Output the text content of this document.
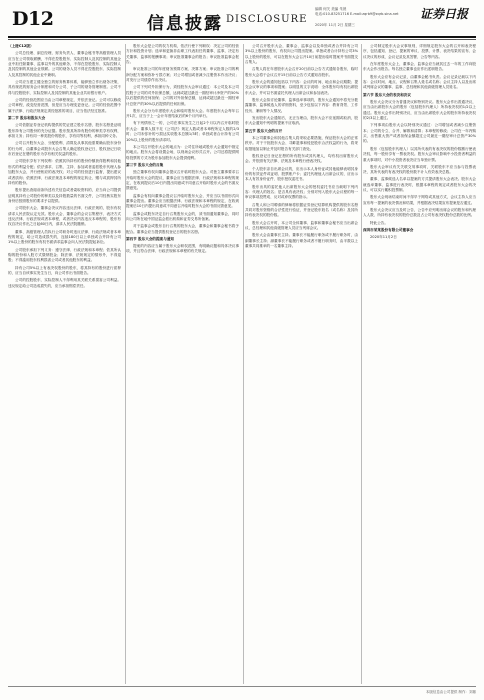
D12	信息披露 DISCLOSURE
编辑 何关 美编 朱晨
电话:010-83251716 E-mail:zqrb9@zqrb.sina.net
2020年 11月 2日 星期三
证券日报

（上接C12版）

公司总经理、副总经理、财务负责人、董事会秘书等高级管理人员应当在公司领取薪酬，不得在控股股东、实际控制人及其控制的其他企业中担任除董事、监事以外的其他职务，不得在控股股东、实际控制人及其控制的其他企业领薪。公司的财务人员不得在控股股东、实际控制人及其控制的其他企业中兼职。

公司应当建立健全独立的财务核算体系，能够独立作出财务决策，具有规范的财务会计制度和对分公司、子公司的财务管理制度。公司不得与控股股东、实际控制人及其控制的其他企业共用银行账户。

公司的经营范围应当由公司章程规定，并依法登记。公司可以修改公司章程，改变经营范围，但是应当办理变更登记。公司的经营范围中属于法律、行政法规规定须经批准的项目，应当依法经过批准。

第二节 股东和股东大会

公司依据证券登记机构提供的凭证建立股东名册，股东名册是证明股东持有公司股份的充分证据。股东按其所持有股份的种类享有权利，承担义务；持有同一种类股份的股东，享有同等权利，承担同种义务。

公司召开股东大会、分配股利、清算及从事其他需要确认股东身份的行为时，由董事会或股东大会召集人确定股权登记日，股权登记日收市后登记在册的股东为享有相关权益的股东。

公司股东享有下列权利：依照其所持有的股份份额获得股利和其他形式的利益分配；依法请求、召集、主持、参加或者委派股东代理人参加股东大会，并行使相应的表决权；对公司的经营进行监督，提出建议或者质询；依照法律、行政法规及本章程的规定转让、赠与或质押其所持有的股份。

股东提出查阅前条所述有关信息或者索取资料的，应当向公司提供证明其持有公司股份的种类以及持股数量的书面文件，公司经核实股东身份后按照股东的要求予以提供。

公司股东大会、董事会决议内容违反法律、行政法规的，股东有权请求人民法院认定无效。股东大会、董事会的会议召集程序、表决方式违反法律、行政法规或者本章程，或者决议内容违反本章程的，股东有权自决议作出之日起60日内，请求人民法院撤销。

董事、高级管理人员执行公司职务时违反法律、行政法规或者本章程的规定，给公司造成损失的，连续180日以上单独或合并持有公司1%以上股份的股东有权书面请求监事会向人民法院提起诉讼。

公司股东承担下列义务：遵守法律、行政法规和本章程；依其所认购的股份和入股方式缴纳股金；除法律、法规规定的情形外，不得退股；不得滥用股东权利损害公司或者其他股东的利益。

持有公司5%以上有表决权股份的股东，将其持有的股份进行质押的，应当自该事实发生当日，向公司作出书面报告。

公司的控股股东、实际控制人不得利用其关联关系损害公司利益。违反规定给公司造成损失的，应当承担赔偿责任。

股东大会是公司的权力机构，依法行使下列职权：决定公司的经营方针和投资计划；选举和更换非由职工代表担任的董事、监事，决定有关董事、监事的报酬事项；审议批准董事会的报告；审议批准监事会报告。

审议批准公司的年度财务预算方案、决算方案；审议批准公司的利润分配方案和弥补亏损方案；对公司增加或者减少注册资本作出决议；对发行公司债券作出决议。

公司下列对外担保行为，须经股东大会审议通过：本公司及本公司控股子公司的对外担保总额，达到或超过最近一期经审计净资产的50%以后提供的任何担保；公司的对外担保总额，达到或超过最近一期经审计总资产的30%以后提供的任何担保。

股东大会分为年度股东大会和临时股东大会。年度股东大会每年召开1次，应当于上一会计年度结束后的6个月内举行。

有下列情形之一的，公司在事实发生之日起2个月以内召开临时股东大会：董事人数不足《公司法》规定人数或者本章程所定人数的2/3时；公司未弥补的亏损达实收股本总额1/3时；单独或者合计持有公司10%以上股份的股东请求时。

本公司召开股东大会的地点为：公司住所地或股东大会通知中指定的地点。股东大会将设置会场，以现场会议形式召开。公司还将提供网络投票的方式为股东参加股东大会提供便利。

第三节 股东大会的召集

独立董事有权向董事会提议召开临时股东大会。对独立董事要求召开临时股东大会的提议，董事会应当根据法律、行政法规和本章程的规定，在收到提议后10日内提出同意或不同意召开临时股东大会的书面反馈意见。

监事会有权向董事会提议召开临时股东大会，并应当以书面形式向董事会提出。董事会应当根据法律、行政法规和本章程的规定，在收到提案后10日内提出同意或不同意召开临时股东大会的书面反馈意见。

监事会或股东决定自行召集股东大会的，须书面通知董事会，同时向公司所在地中国证监会派出机构和证券交易所备案。

对于监事会或股东自行召集的股东大会，董事会和董事会秘书将予配合。董事会应当提供股权登记日的股东名册。

第四节 股东大会的提案与通知

提案的内容应当属于股东大会职权范围，有明确议题和具体决议事项，并且符合法律、行政法规和本章程的有关规定。

公司召开股东大会，董事会、监事会以及单独或者合并持有公司3%以上股份的股东，有权向公司提出提案。单独或者合计持有公司3%以上股份的股东，可以在股东大会召开10日前提出临时提案并书面提交召集人。

召集人将在年度股东大会召开20日前以公告方式通知各股东，临时股东大会将于会议召开15日前以公告方式通知各股东。

股东大会的通知包括以下内容：会议的时间、地点和会议期限；提交会议审议的事项和提案；以明显的文字说明：全体股东均有权出席股东大会，并可以书面委托代理人出席会议和参加表决。

股东大会拟讨论董事、监事选举事项的，股东大会通知中将充分披露董事、监事候选人的详细资料，至少包括以下内容：教育背景、工作经历、兼职等个人情况。

发出股东大会通知后，无正当理由，股东大会不应延期或取消，股东大会通知中列明的提案不应取消。

第五节 股东大会的召开

本公司董事会和其他召集人将采取必要措施，保证股东大会的正常秩序。对于干扰股东大会、寻衅滋事和侵犯股东合法权益的行为，将采取措施加以制止并及时报告有关部门查处。

股权登记日登记在册的所有股东或其代理人，均有权出席股东大会。并依照有关法律、法规及本章程行使表决权。

个人股东亲自出席会议的，应出示本人身份证或其他能够表明其身份的有效证件或证明、股票账户卡；委托代理他人出席会议的，应出示本人有效身份证件、股东授权委托书。

股东出具的委托他人出席股东大会的授权委托书应当载明下列内容：代理人的姓名；是否具有表决权；分别对列入股东大会议程的每一审议事项投赞成、反对或弃权票的指示。

召集人和公司聘请的律师将依据证券登记结算机构提供的股东名册共同对股东资格的合法性进行验证，并登记股东姓名（或名称）及其所持有表决权的股份数。

股东大会召开时，本公司全体董事、监事和董事会秘书应当出席会议，总经理和其他高级管理人员应当列席会议。

股东大会由董事长主持。董事长不能履行职务或不履行职务时，由副董事长主持；副董事长不能履行职务或者不履行职务时，由半数以上董事共同推举的一名董事主持。

公司制定股东大会议事规则，详细规定股东大会的召开和表决程序，包括通知、登记、提案的审议、投票、计票、表决结果的宣布、会议决议的形成、会议记录及其签署、公告等内容。

在年度股东大会上，董事会、监事会应当就其过去一年的工作向股东大会作出报告。每名独立董事也应作出述职报告。

股东大会应有会议记录，由董事会秘书负责。会议记录记载以下内容：会议时间、地点、议程和召集人姓名或名称；会议主持人以及出席或列席会议的董事、监事、总经理和其他高级管理人员姓名。

第六节 股东大会的表决和决议

股东大会决议分为普通决议和特别决议。股东大会作出普通决议，应当由出席股东大会的股东（包括股东代理人）所持表决权的1/2以上通过。股东大会作出特别决议，应当由出席股东大会的股东所持表决权的2/3以上通过。

下列事项由股东大会以特别决议通过：公司增加或者减少注册资本；公司的分立、合并、解散和清算；本章程的修改；公司在一年内购买、出售重大资产或者担保金额超过公司最近一期经审计总资产30%的。

股东（包括股东代理人）以其所代表的有表决权的股份数额行使表决权，每一股份享有一票表决权。股东大会审议影响中小投资者利益的重大事项时，对中小投资者表决应当单独计票。

股东大会审议有关关联交易事项时，关联股东不应当参与投票表决，其所代表的有表决权的股份数不计入有效表决总数。

董事、监事候选人名单以提案的方式提请股东大会表决。股东大会就选举董事、监事进行表决时，根据本章程的规定或者股东大会的决议，可以实行累积投票制。

股东大会现场结束时间不得早于网络或其他方式，会议主持人应当宣布每一提案的表决情况和结果，并根据表决结果宣布提案是否通过。

股东大会决议应当及时公告，公告中应列明出席会议的股东和代理人人数、所持有表决权的股份总数及占公司有表决权股份总数的比例。

特此公告。

深圳市某某股份有限公司董事会

2020年11月2日

本版信息由公司提供 制作：刘雄
